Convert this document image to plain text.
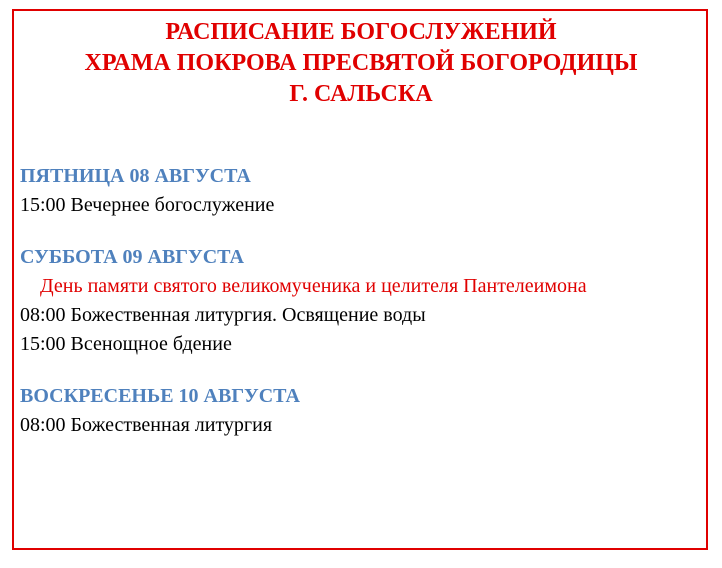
РАСПИСАНИЕ БОГОСЛУЖЕНИЙ
ХРАМА ПОКРОВА ПРЕСВЯТОЙ БОГОРОДИЦЫ
Г. САЛЬСКА
ПЯТНИЦА 08 АВГУСТА
15:00 Вечернее богослужение
СУББОТА 09 АВГУСТА
День памяти святого великомученика и целителя Пантелеимона
08:00 Божественная литургия. Освящение воды
15:00 Всенощное бдение
ВОСКРЕСЕНЬЕ 10 АВГУСТА
08:00 Божественная литургия
